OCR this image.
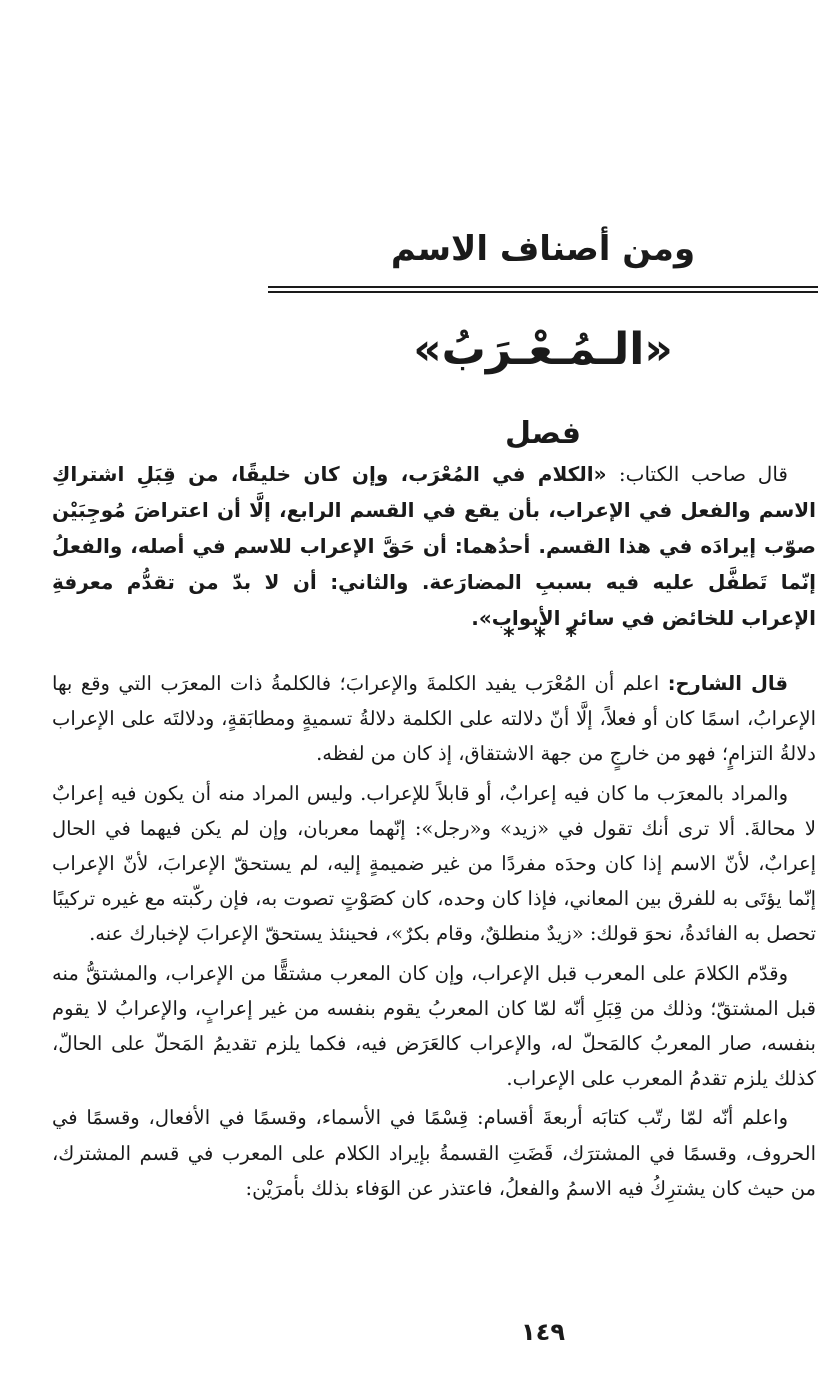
ومن أصناف الاسم
«الـمُـعْـرَبُ»
فصل

قال صاحب الكتاب: «الكلام في المُعْرَب، وإن كان خليقًا، من قِبَلِ اشتراكِ الاسم والفعل في الإعراب، بأن يقع في القسم الرابع، إلَّا أن اعتراضَ مُوجِبَيْن صوّب إيرادَه في هذا القسم. أحدُهما: أن حَقَّ الإعراب للاسم في أصله، والفعلُ إنّما تَطفَّل عليه فيه بسببِ المضارَعة. والثاني: أن لا بدّ من تقدُّم معرفةِ الإعراب للخائض في سائر الأبواب».

* * *

قال الشارح: اعلم أن المُعْرَب يفيد الكلمةَ والإعرابَ؛ فالكلمةُ ذات المعرَب التي وقع بها الإعرابُ، اسمًا كان أو فعلاً، إلَّا أنّ دلالته على الكلمة دلالةُ تسميةٍ ومطابَقةٍ، ودلالتَه على الإعراب دلالةُ التزامٍ؛ فهو من خارجٍ من جهة الاشتقاق، إذ كان من لفظه.

والمراد بالمعرَب ما كان فيه إعرابٌ، أو قابلاً للإعراب. وليس المراد منه أن يكون فيه إعرابٌ لا محالةَ. ألا ترى أنك تقول في «زيد» و«رجل»: إنّهما معربان، وإن لم يكن فيهما في الحال إعرابٌ، لأنّ الاسم إذا كان وحدَه مفردًا من غير ضميمةٍ إليه، لم يستحقّ الإعرابَ، لأنّ الإعراب إنّما يؤتَى به للفرق بين المعاني، فإذا كان وحده، كان كصَوْتٍ تصوت به، فإن ركّبته مع غيره تركيبًا تحصل به الفائدةُ، نحوَ قولك: «زيدٌ منطلقٌ، وقام بكرٌ»، فحينئذ يستحقّ الإعرابَ لإخبارك عنه.

وقدّم الكلامَ على المعرب قبل الإعراب، وإن كان المعرب مشتقًّا من الإعراب، والمشتقُّ منه قبل المشتقّ؛ وذلك من قِبَلِ أنّه لمّا كان المعربُ يقوم بنفسه من غير إعرابٍ، والإعرابُ لا يقوم بنفسه، صار المعربُ كالمَحلّ له، والإعراب كالعَرَض فيه، فكما يلزم تقديمُ المَحلّ على الحالّ، كذلك يلزم تقدمُ المعرب على الإعراب.

واعلم أنّه لمّا رتّب كتابَه أربعةَ أقسام: قِسْمًا في الأسماء، وقسمًا في الأفعال، وقسمًا في الحروف، وقسمًا في المشترَك، قَضَتِ القسمةُ بإيراد الكلام على المعرب في قسم المشترك، من حيث كان يشترِكُ فيه الاسمُ والفعلُ، فاعتذر عن الوَفاء بذلك بأمرَيْن:

١٤٩
